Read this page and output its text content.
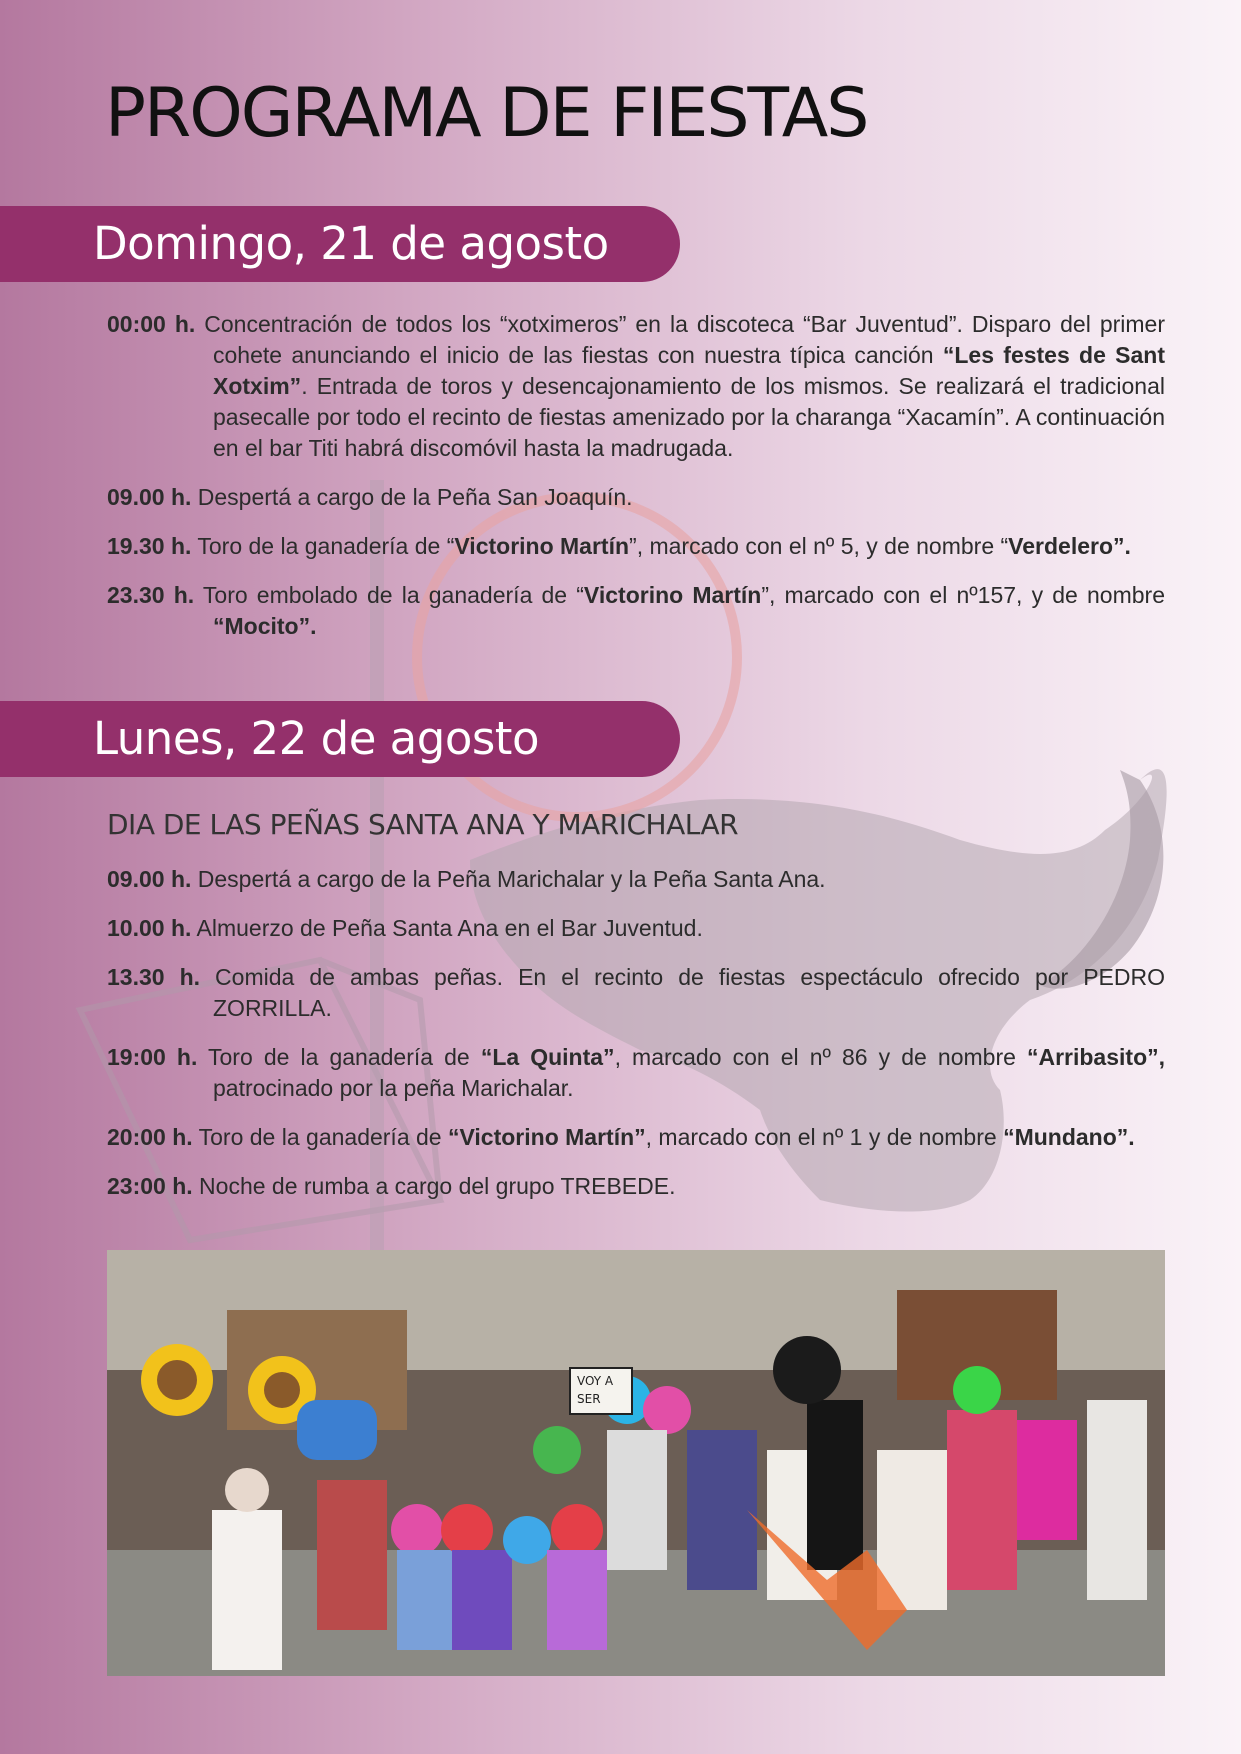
PROGRAMA DE FIESTAS
Domingo, 21 de agosto
00:00 h. Concentración de todos los “xotximeros” en la discoteca “Bar Juventud”. Disparo del primer cohete anunciando el inicio de las fiestas con nuestra típica canción “Les festes de Sant Xotxim”. Entrada de toros y desencajonamiento de los mismos. Se realizará el tradicional pasecalle por todo el recinto de fiestas amenizado por la charanga “Xacamín”. A continuación en el bar Titi habrá discomóvil hasta la madrugada.
09.00 h. Despertá a cargo de la Peña San Joaquín.
19.30 h. Toro de la ganadería de “Victorino Martín”, marcado con el nº 5, y de nombre “Verdelero”.
23.30 h. Toro embolado de la ganadería de “Victorino Martín”, marcado con el nº157, y de nombre “Mocito”.
Lunes, 22 de agosto
DIA DE LAS PEÑAS SANTA ANA Y MARICHALAR
09.00 h. Despertá a cargo de la Peña Marichalar y la Peña Santa Ana.
10.00 h. Almuerzo de Peña Santa Ana en el Bar Juventud.
13.30 h. Comida de ambas peñas. En el recinto de fiestas espectáculo ofrecido por PEDRO ZORRILLA.
19:00 h. Toro de la ganadería de “La Quinta”, marcado con el nº 86 y de nombre “Arribasito”, patrocinado por la peña Marichalar.
20:00 h. Toro de la ganadería de “Victorino Martín”, marcado con el nº 1 y de nombre “Mundano”.
23:00 h. Noche de rumba a cargo del grupo TREBEDE.
VOY A
SER
